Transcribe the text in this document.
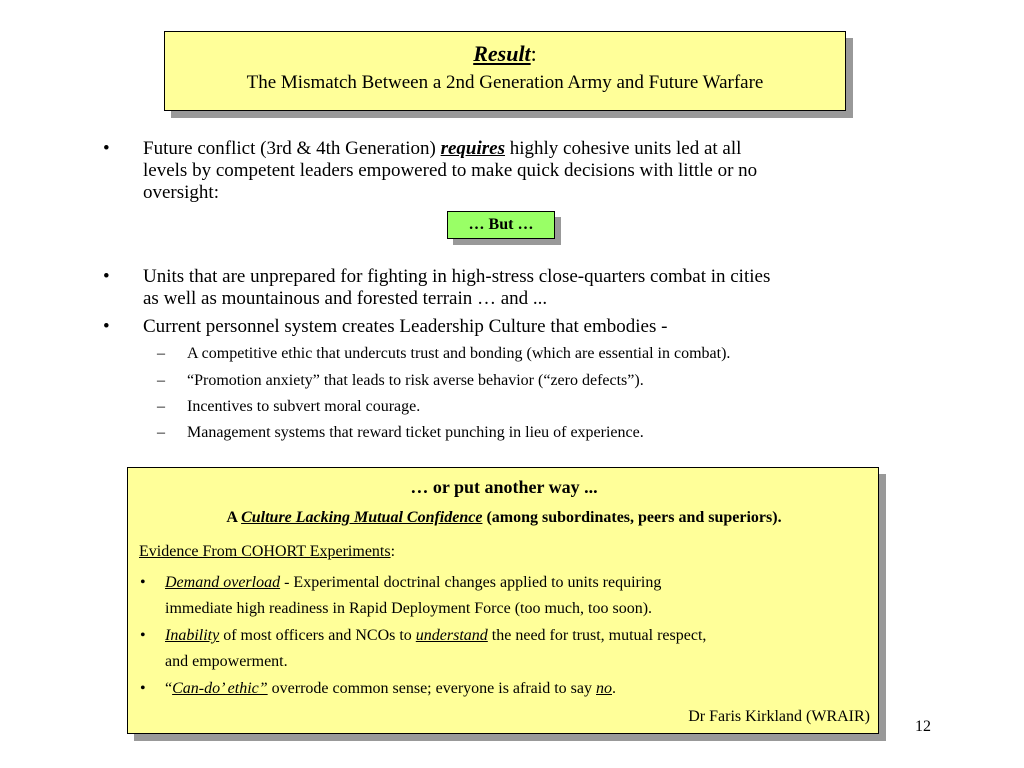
Result:
The Mismatch Between a 2nd Generation Army and Future Warfare
• Future conflict (3rd & 4th Generation) requires highly cohesive units led at all
levels by competent leaders empowered to make quick decisions with little or no
oversight:
… But …
• Units that are unprepared for fighting in high-stress close-quarters combat in cities
as well as mountainous and forested terrain … and ...
• Current personnel system creates Leadership Culture that embodies -
– A competitive ethic that undercuts trust and bonding (which are essential in combat).
– “Promotion anxiety” that leads to risk averse behavior (“zero defects”).
– Incentives to subvert moral courage.
– Management systems that reward ticket punching in lieu of experience.
… or put another way ...
A Culture Lacking Mutual Confidence (among subordinates, peers and superiors).
Evidence From COHORT Experiments:
• Demand overload - Experimental doctrinal changes applied to units requiring
immediate high readiness in Rapid Deployment Force (too much, too soon).
• Inability of most officers and NCOs to understand the need for trust, mutual respect,
and empowerment.
• “Can-do’ ethic” overrode common sense; everyone is afraid to say no.
Dr Faris Kirkland (WRAIR)
12
